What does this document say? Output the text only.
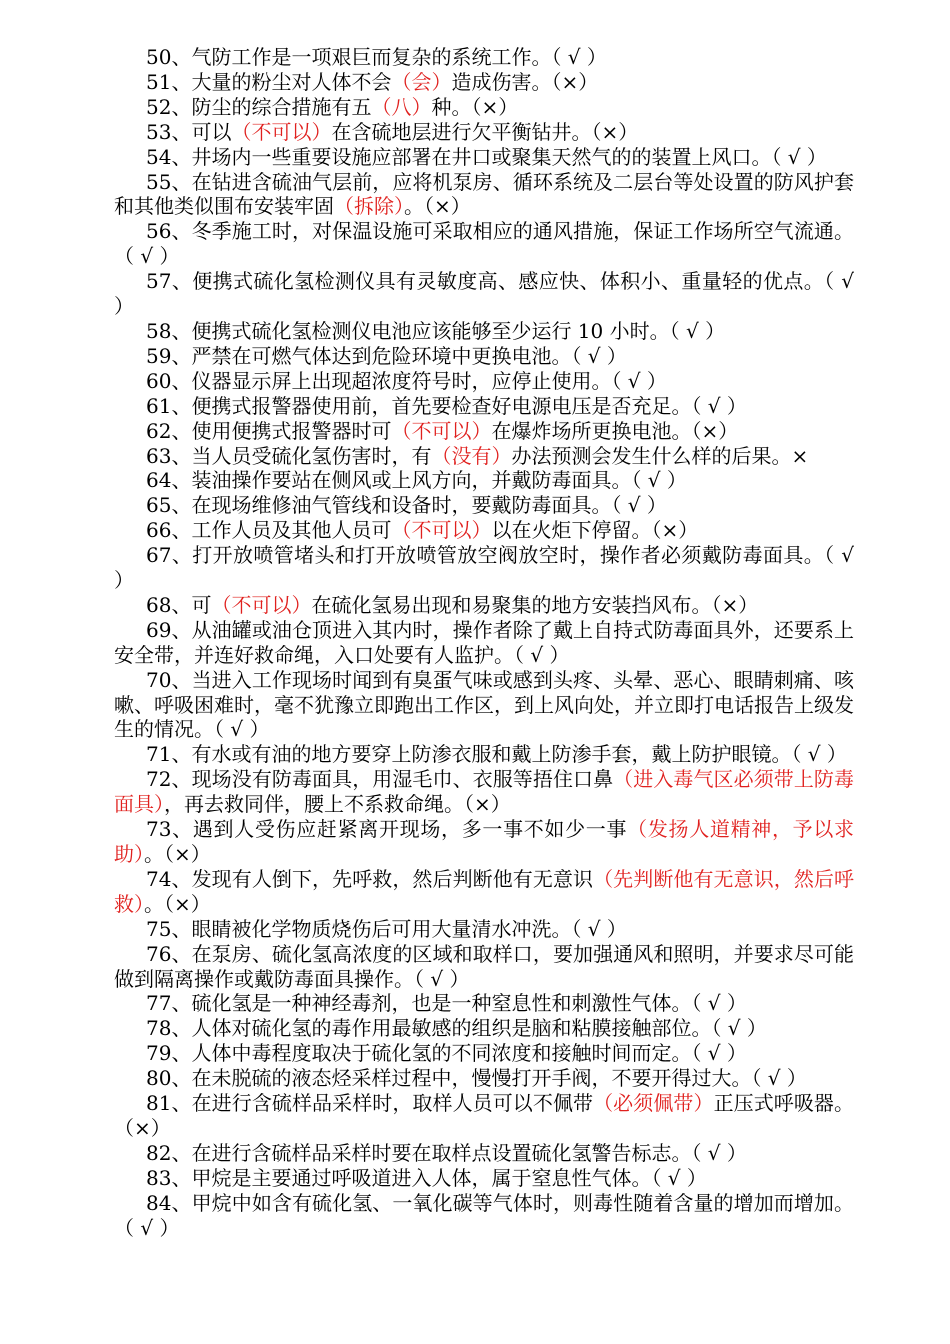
50、气防工作是一项艰巨而复杂的系统工作。（ √ ）

51、大量的粉尘对人体不会（会）造成伤害。（×）

52、防尘的综合措施有五（八）种。（×）

53、可以（不可以）在含硫地层进行欠平衡钻井。（×）

54、井场内一些重要设施应部署在井口或聚集天然气的的装置上风口。（ √ ）

55、在钻进含硫油气层前，应将机泵房、循环系统及二层台等处设置的防风护套和其他类似围布安装牢固（拆除）。（×）

56、冬季施工时，对保温设施可采取相应的通风措施，保证工作场所空气流通。（ √ ）

57、便携式硫化氢检测仪具有灵敏度高、感应快、体积小、重量轻的优点。（ √ ）

58、便携式硫化氢检测仪电池应该能够至少运行 10 小时。（ √ ）

59、严禁在可燃气体达到危险环境中更换电池。（ √ ）

60、仪器显示屏上出现超浓度符号时，应停止使用。（ √ ）

61、便携式报警器使用前，首先要检查好电源电压是否充足。（ √ ）

62、使用便携式报警器时可（不可以）在爆炸场所更换电池。（×）

63、当人员受硫化氢伤害时，有（没有）办法预测会发生什么样的后果。×

64、装油操作要站在侧风或上风方向，并戴防毒面具。（ √ ）

65、在现场维修油气管线和设备时，要戴防毒面具。（ √ ）

66、工作人员及其他人员可（不可以）以在火炬下停留。（×）

67、打开放喷管堵头和打开放喷管放空阀放空时，操作者必须戴防毒面具。（ √ ）

68、可（不可以）在硫化氢易出现和易聚集的地方安装挡风布。（×）

69、从油罐或油仓顶进入其内时，操作者除了戴上自持式防毒面具外，还要系上安全带，并连好救命绳，入口处要有人监护。（ √ ）

70、当进入工作现场时闻到有臭蛋气味或感到头疼、头晕、恶心、眼睛刺痛、咳嗽、呼吸困难时，毫不犹豫立即跑出工作区，到上风向处，并立即打电话报告上级发生的情况。（ √ ）

71、有水或有油的地方要穿上防渗衣服和戴上防渗手套，戴上防护眼镜。（ √ ）

72、现场没有防毒面具，用湿毛巾、衣服等捂住口鼻（进入毒气区必须带上防毒面具），再去救同伴，腰上不系救命绳。（×）

73、遇到人受伤应赶紧离开现场，多一事不如少一事（发扬人道精神，予以求助）。（×）

74、发现有人倒下，先呼救，然后判断他有无意识（先判断他有无意识，然后呼救）。（×）

75、眼睛被化学物质烧伤后可用大量清水冲洗。（ √ ）

76、在泵房、硫化氢高浓度的区域和取样口，要加强通风和照明，并要求尽可能做到隔离操作或戴防毒面具操作。（ √ ）

77、硫化氢是一种神经毒剂，也是一种窒息性和刺激性气体。（ √ ）

78、人体对硫化氢的毒作用最敏感的组织是脑和粘膜接触部位。（ √ ）

79、人体中毒程度取决于硫化氢的不同浓度和接触时间而定。（ √ ）

80、在未脱硫的液态烃采样过程中，慢慢打开手阀，不要开得过大。（ √ ）

81、在进行含硫样品采样时，取样人员可以不佩带（必须佩带）正压式呼吸器。（×）

82、在进行含硫样品采样时要在取样点设置硫化氢警告标志。（ √ ）

83、甲烷是主要通过呼吸道进入人体，属于窒息性气体。（ √ ）

84、甲烷中如含有硫化氢、一氧化碳等气体时，则毒性随着含量的增加而增加。（ √ ）
